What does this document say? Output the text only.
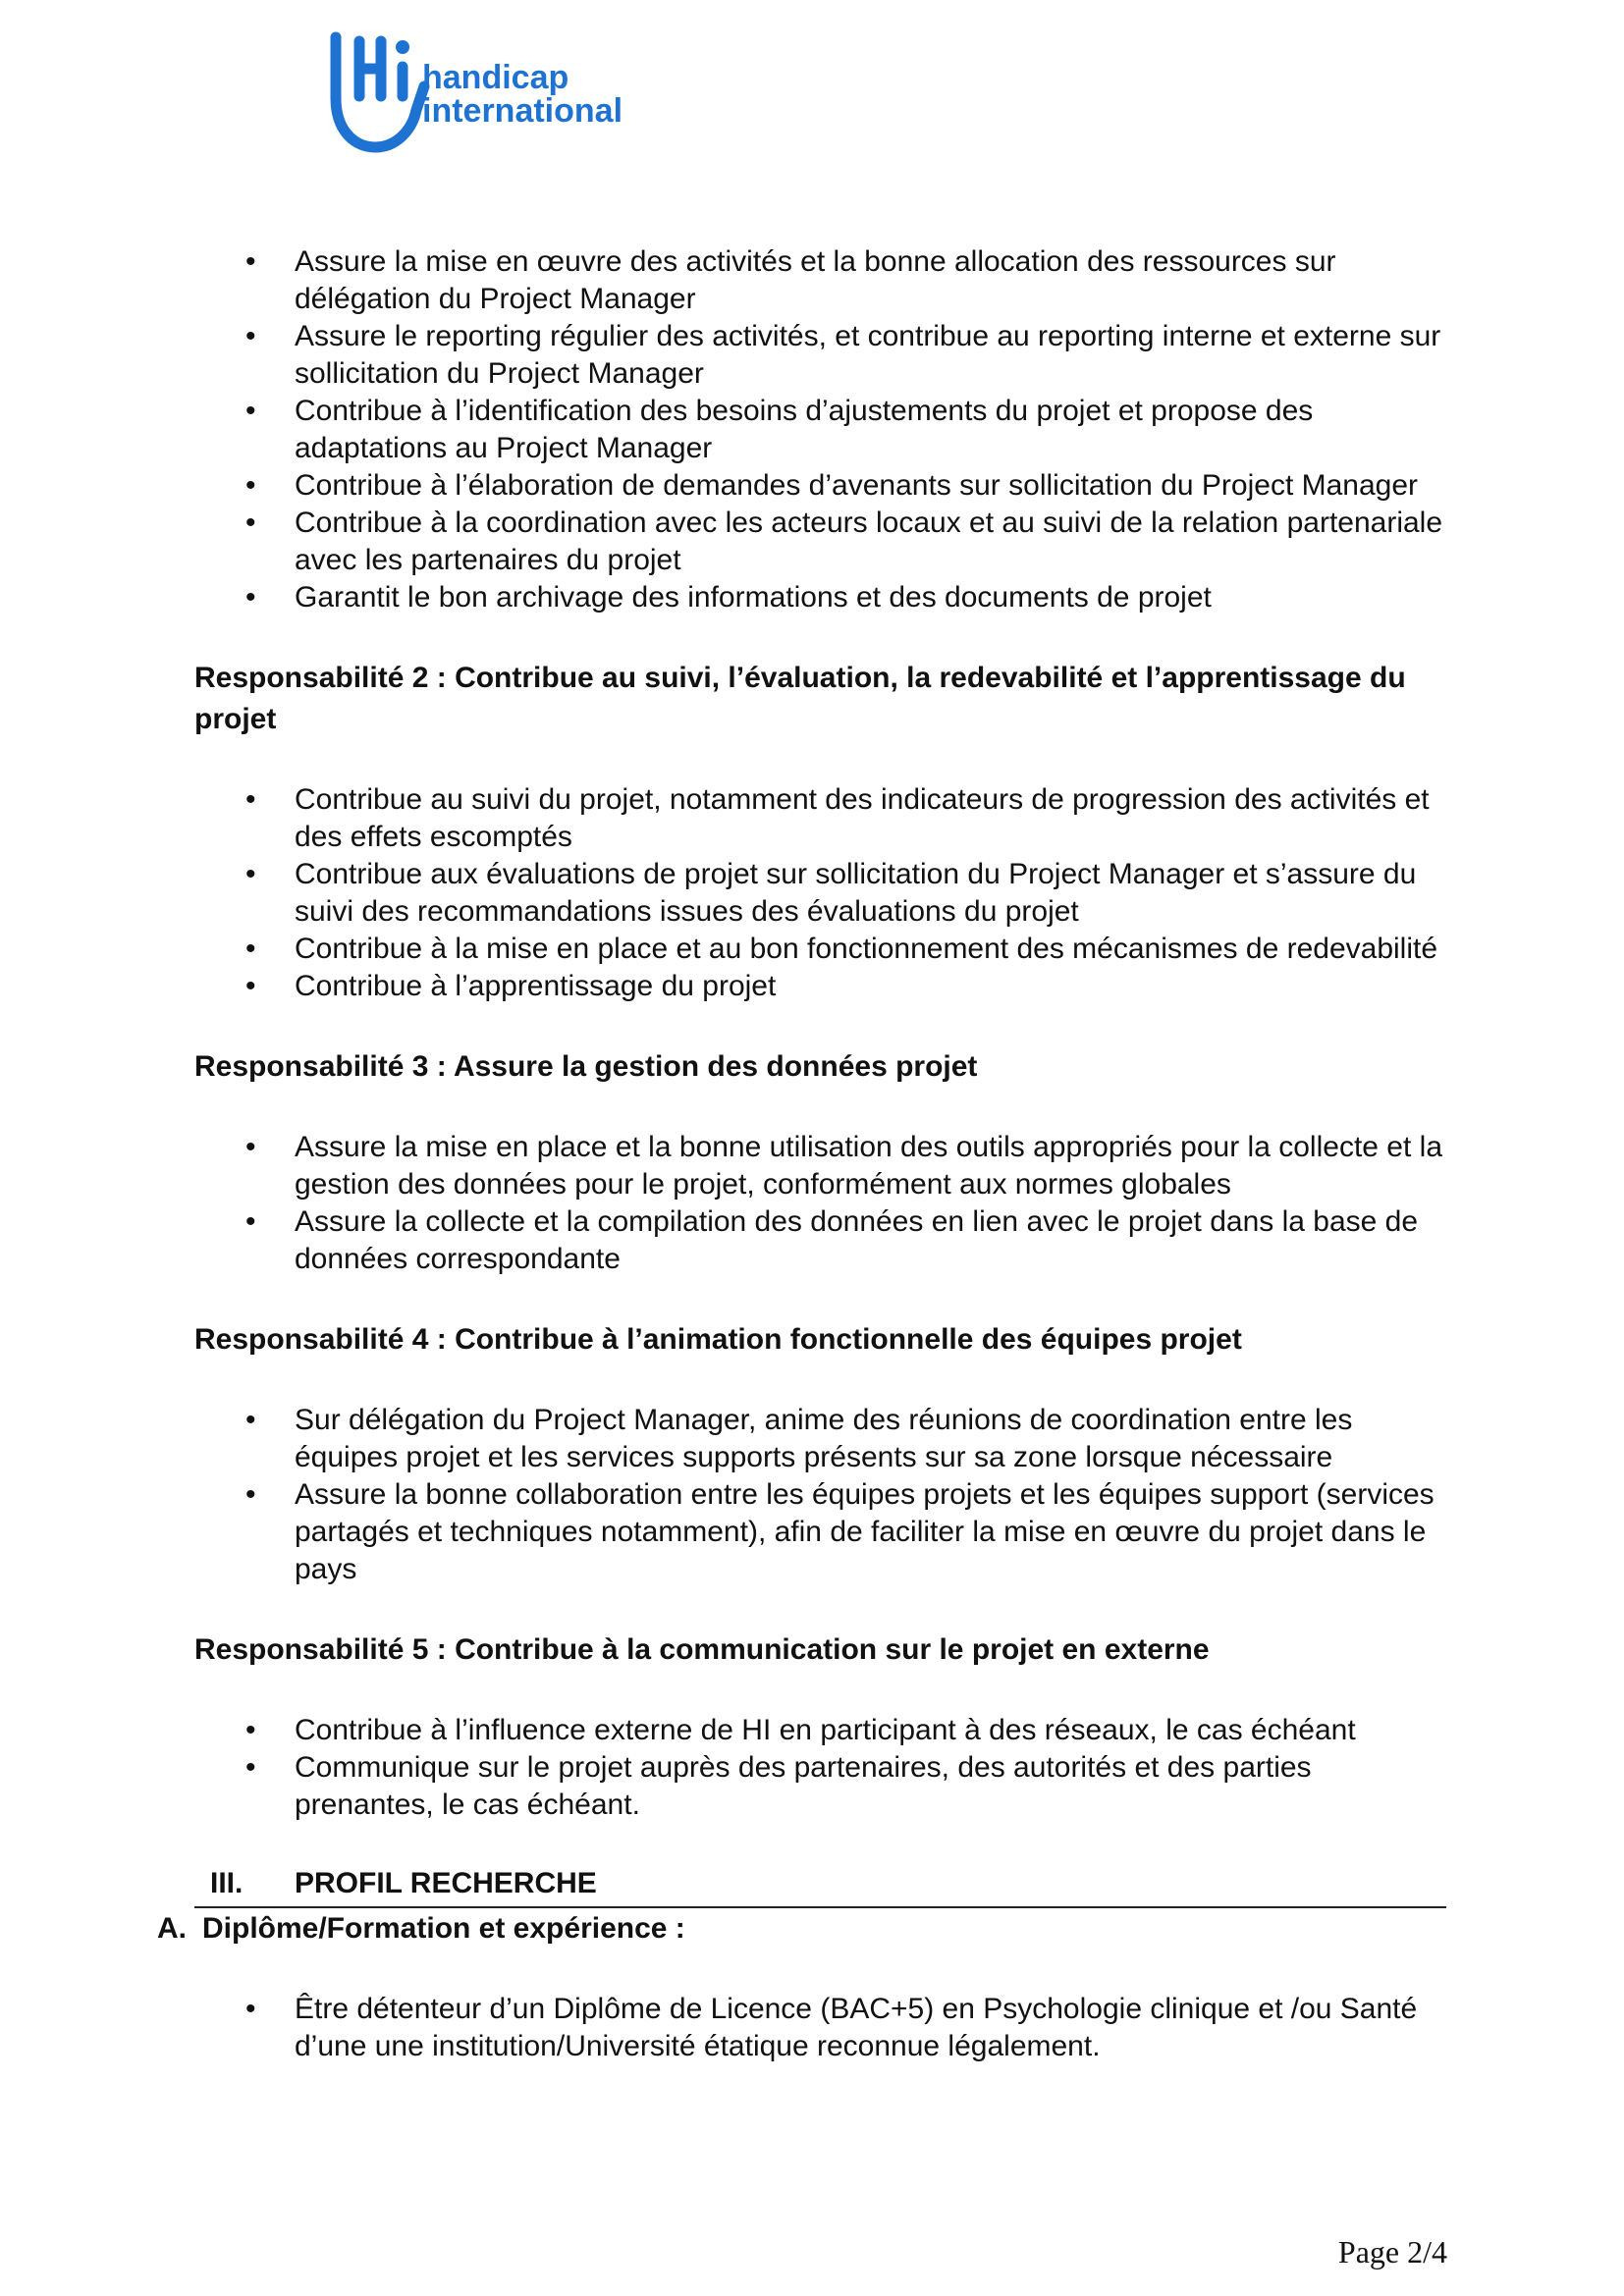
handicap
international
• Assure la mise en œuvre des activités et la bonne allocation des ressources sur délégation du Project Manager
• Assure le reporting régulier des activités, et contribue au reporting interne et externe sur sollicitation du Project Manager
• Contribue à l’identification des besoins d’ajustements du projet et propose des adaptations au Project Manager
• Contribue à l’élaboration de demandes d’avenants sur sollicitation du Project Manager
• Contribue à la coordination avec les acteurs locaux et au suivi de la relation partenariale avec les partenaires du projet
• Garantit le bon archivage des informations et des documents de projet

Responsabilité 2 : Contribue au suivi, l’évaluation, la redevabilité et l’apprentissage du projet

• Contribue au suivi du projet, notamment des indicateurs de progression des activités et des effets escomptés
• Contribue aux évaluations de projet sur sollicitation du Project Manager et s’assure du suivi des recommandations issues des évaluations du projet
• Contribue à la mise en place et au bon fonctionnement des mécanismes de redevabilité
• Contribue à l’apprentissage du projet

Responsabilité 3 : Assure la gestion des données projet

• Assure la mise en place et la bonne utilisation des outils appropriés pour la collecte et la gestion des données pour le projet, conformément aux normes globales
• Assure la collecte et la compilation des données en lien avec le projet dans la base de données correspondante

Responsabilité 4 : Contribue à l’animation fonctionnelle des équipes projet

• Sur délégation du Project Manager, anime des réunions de coordination entre les équipes projet et les services supports présents sur sa zone lorsque nécessaire
• Assure la bonne collaboration entre les équipes projets et les équipes support (services partagés et techniques notamment), afin de faciliter la mise en œuvre du projet dans le pays

Responsabilité 5 : Contribue à la communication sur le projet en externe

• Contribue à l’influence externe de HI en participant à des réseaux, le cas échéant
• Communique sur le projet auprès des partenaires, des autorités et des parties prenantes, le cas échéant.
III. PROFIL RECHERCHE
A. Diplôme/Formation et expérience :
• Être détenteur d’un Diplôme de Licence (BAC+5) en Psychologie clinique et /ou Santé d’une une institution/Université étatique reconnue légalement.
Page 2/4
